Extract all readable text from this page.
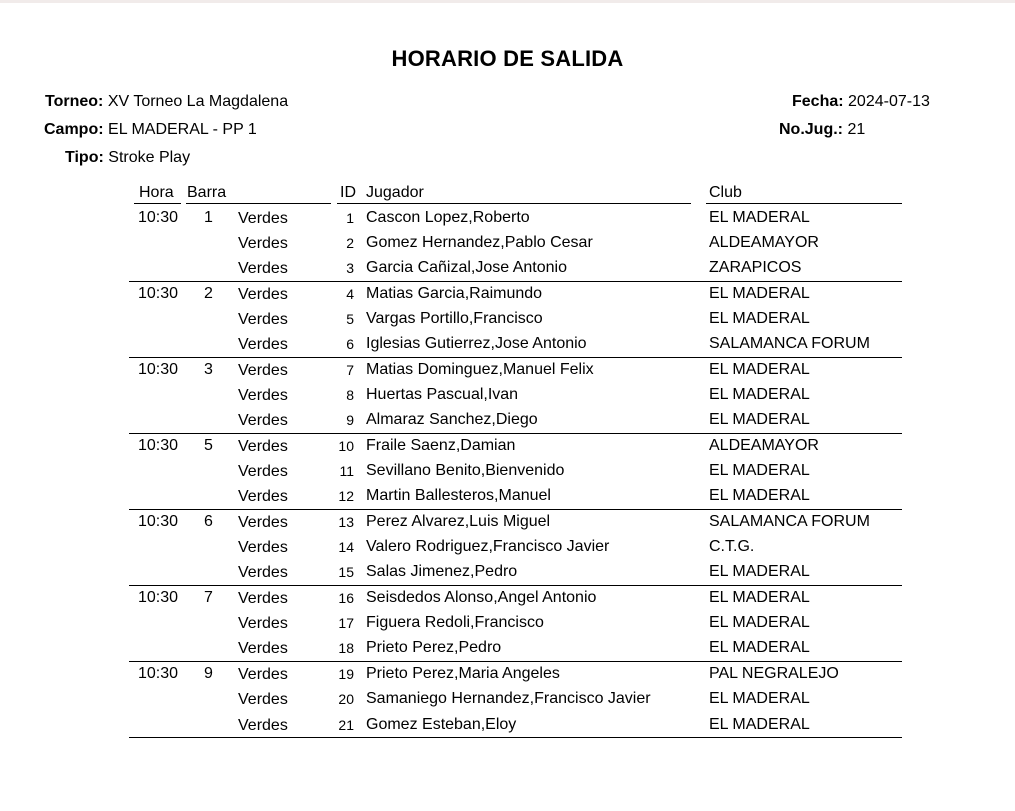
HORARIO DE SALIDA
Torneo: XV Torneo La Magdalena
Campo: EL MADERAL - PP 1
Tipo: Stroke Play
Fecha: 2024-07-13
No.Jug.: 21
Hora Barra	ID Jugador	Club
10:30 1 Verdes	1 Cascon Lopez,Roberto	EL MADERAL
Verdes	2 Gomez Hernandez,Pablo Cesar	ALDEAMAYOR
Verdes	3 Garcia Cañizal,Jose Antonio	ZARAPICOS
10:30 2 Verdes	4 Matias Garcia,Raimundo	EL MADERAL
Verdes	5 Vargas Portillo,Francisco	EL MADERAL
Verdes	6 Iglesias Gutierrez,Jose Antonio	SALAMANCA FORUM
10:30 3 Verdes	7 Matias Dominguez,Manuel Felix	EL MADERAL
Verdes	8 Huertas Pascual,Ivan	EL MADERAL
Verdes	9 Almaraz Sanchez,Diego	EL MADERAL
10:30 5 Verdes	10 Fraile Saenz,Damian	ALDEAMAYOR
Verdes	11 Sevillano Benito,Bienvenido	EL MADERAL
Verdes	12 Martin Ballesteros,Manuel	EL MADERAL
10:30 6 Verdes	13 Perez Alvarez,Luis Miguel	SALAMANCA FORUM
Verdes	14 Valero Rodriguez,Francisco Javier	C.T.G.
Verdes	15 Salas Jimenez,Pedro	EL MADERAL
10:30 7 Verdes	16 Seisdedos Alonso,Angel Antonio	EL MADERAL
Verdes	17 Figuera Redoli,Francisco	EL MADERAL
Verdes	18 Prieto Perez,Pedro	EL MADERAL
10:30 9 Verdes	19 Prieto Perez,Maria Angeles	PAL NEGRALEJO
Verdes	20 Samaniego Hernandez,Francisco Javier	EL MADERAL
Verdes	21 Gomez Esteban,Eloy	EL MADERAL
